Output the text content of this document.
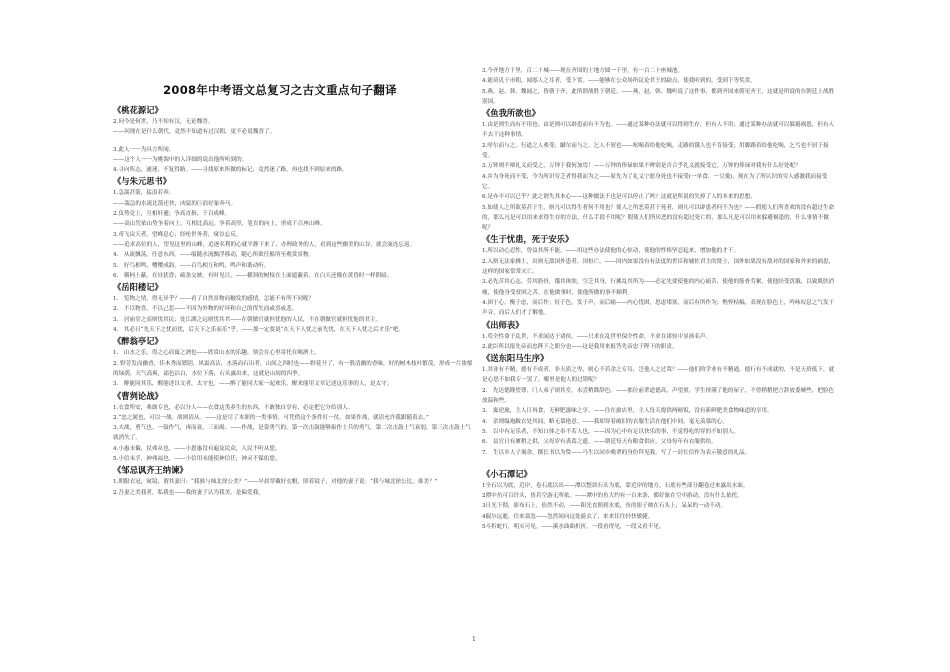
2008年中考语文总复习之古文重点句子翻译
《桃花源记》
2.问今是何世，乃不知有汉，无论魏晋。
——问现在是什么朝代，竟然不知道有过汉朝，更不必说魏晋了。
3.此人一一为具言所闻。
——这个人一一为桃源中的人详细的说出他所听到的。
4.寻向所志，遂迷，不复得路。——寻找原来所做的标记，竟然迷了路，再也找不到原来的路。
《与朱元思书》
1.急湍甚箭，猛浪若奔。
——湍急的水流比箭还快，凶猛的巨浪好象奔马。
2.负势竞上，互相轩邈；争高直指，千百成峰。
——高山凭依山势争着向上，互相比高远。争着高竖，笔直的向上，形成千百座山峰。
3.鸢飞戾天者，望峰息心；经纶世务者，窥谷忘反。
——追求高位的人，望见这里的山峰，追逐名利的心就平静下来了，办理政务的人，看到这些幽美的山谷，就会流连忘返。
4.　从流飘荡，任意东西。——船随水流飘浮移动，随心所欲任船所至观赏景物。
5.　好鸟相鸣，嘤嘤成韵。——百鸟相互和鸣，鸣声和谐动听。
6.　横柯上蔽，在昼犹昏；疏条交映，有时见日。——横斜的树枝在上面遮蔽着，在白天还像在黄昏时一样阴暗。
《岳阳楼记》
1.　览物之情，得无异乎？——看了自然景物而触发的感情，怎能不有所不同呢？
2.　不以物喜，不以己悲——不因为外物的好坏和自己的得失而或喜或悲。
3.　居庙堂之高则忧其民；处江湖之远则忧其君——在朝做官就担忧他的人民，不在朝做官就担忧他的君主。
4.　其必曰“先天下之忧而忧，后天下之乐而乐”乎。——那一定要说“在天下人忧之前先忧，在天下人忧之后才乐”吧。
《醉翁亭记》
1.　山水之乐，得之心而寓之酒也——欣赏山水的乐趣，领会在心里寄托在喝酒上。
2. 野芳发而幽香，佳木秀而繁阴，风霜高洁，水落而石出者，山间之四时也——野花开了，有一股清幽的香味，好的树木枝叶繁茂，形成一片浓郁的绿荫，天气高爽，霜色洁白，水位下落，石头露出来，这就是山间的四季。
3.　醉能同其乐，醒能述以文者，太守也。——醉了能同大家一起欢乐，醒来能用文章记述这乐事的人，是太守。
《曹刿论战》
1.衣食所安，弗敢专也，必以分人——衣食这类养生的东西，不敢独自享有，必定把它分给别人。
2.“忠之属也，可以一战。战则请从。——这是尽了本职的一类事情，可凭借这个条件打一仗。如果作战，就请允许我跟随着去。”
3.夫战，勇气也。一鼓作气，再而衰，三而竭。——作战，是靠勇气的。第一次击鼓能够振作士兵的勇气，第二次击鼓士气衰弱，第三次击鼓士气就消失了。
4.小惠未徧，民弗从也。——小恩惠没有遍及民众，人民不听从您。
5.小信未孚，神弗福也。——小信用未能使神信任，神灵不保佑您。
《邹忌讽齐王纳谏》
1.朝服衣冠，窥镜，谓其妻曰：“我孰与城北徐公美？”——早晨穿戴好衣帽，照着镜子，对他的妻子说：“我与城北徐公比，谁美？”
2.吾妻之美我者，私我也——我的妻子认为我美，是偏爱我。
3.今齐地方千里，百二十城——现在齐国的土地方圆一千里，有一百二十座城池。
4.能谤讥于市朝，闻寡人之耳者，受下赏。——能够在公众场所议论君王的缺点，使我听到的，受到下等奖赏。
5.燕、赵、韩、魏闻之，皆朝于齐，此所谓战胜于朝廷。——燕、赵、韩、魏听说了这件事，都到齐国来朝见齐王，这就是所说的在朝廷上战胜别国。
《鱼我所欲也》
1.由是则生而有不用也；由是则可以辟患而有不为也。——通过某种办法就可以得到生存，但有人不用；通过某种办法就可以躲避祸患，但有人不去干这种事情。
2.呼尔而与之，行道之人弗受；蹴尔而与之，乞人不屑也——吆喝着给他吃喝，走路的饿人也不肯接受；用脚踢着给他吃喝，乞丐也不屑于接受。
3.万钟则不辩礼义而受之，万钟于我何加焉！——万钟的俸禄如果不辨别是否合乎礼义就接受它，万钟的俸禄对我有什么好处呢？
4.乡为身死而不受，今为所识穷乏者得我而为之——原先为了礼义宁愿身死也不接受(一单食、一豆羹)，现在为了所认识的穷人感激我而接受它。
6.是亦不可以已乎？此之谓失其本心——这种做法不也是可以停止了吗？这就是所说的失掉了人的本来的思想。
5.如使人之所欲莫甚于生，则凡可以得生者何不用也？使人之所恶莫甚于死者，则凡可以辟患者何不为也？——假使人们所喜欢的没有超过生命的，那么凡是可以用来求得生存的方法，什么手段不用呢？假使人们所厌恶的没有超过死亡的，那么凡是可以用来躲避祸患的，什么事情不做呢？
《生于忧患，死于安乐》
1.所以动心忍性，曾益其所不能。——用这些办法使他的心惊动，使他的性格坚忍起来，增加他的才干。
2.入则无法家拂士，出则无敌国外患者，国恒亡。——国内如果没有有法度的世臣和辅佐君主的贤士，国外如果没有敌对的国家和外来的祸患，这样的国家常常灭亡。
3.必先苦其心志，劳其筋骨，饿其体肤，空乏其身，行拂乱其所为——必定先要使他的内心痛苦，使他的筋骨劳累，使他经受饥饿，以致肌肤消瘦，使他身受贫困之苦，在他做事时，使他所做的事不顺利。
4.困于心，衡于虑，而后作；征于色，发于声，而后喻——内心忧困，思虑堵塞，而后有所作为；憔悴枯槁，表现在脸色上，吟咏叹息之气发于声音，而后人们才了解他。
《出师表》
1.苟全性命于乱世，不求闻达于诸侯。——只求在乱世里保全性命，不求在诸侯中显扬名声。
2.此臣所以报先帝而忠陛下之职分也——这是我用来报答先帝忠于陛下的职责。
《送东阳马生序》
1.其业有不精，德有不成者，非天质之卑，则心不若余之专耳，岂他人之过哉？——他们的学业有不精通，德行有不成就的，不是天资低下，就是心思不如我专一罢了，哪里是他人的过错呢？
2.　先达德隆望尊，门人弟子填其室，未尝稍降辞色。——那位前辈道德高，声望重，学生挤满了他的屋子，不曾稍稍把言辞放委婉些，把脸色放温和些。
3.　寓逆旅，主人日再食，无鲜肥滋味之享。——住在旅店里，主人每天提供两顿饭，没有新鲜肥美食物味道的享用。
4.　余则缊袍敝衣处其间，略无慕艳意。——我却穿着破旧的衣服生活在他们中间，毫无羡慕的心。
5.　以中有足乐者，不知口体之奉不若人也。——因为心中有足以快乐的事，不觉得吃的穿的不如别人。
6.　县官日有廪稍之供，父母岁有裘葛之遗。——朝廷每天有粮食供应，父母每年有衣服供给。
7.　生以乡人子谒余，撰长书以为贽——马生以同乡晚辈的身份拜见我，写了一封长信作为表示敬意的礼品。
《小石潭记》
1全石以为底，近岸，卷石底以出——潭以整块石头为底，靠近岸的地方，石底有些部分翻卷过来露出水面。
2潭中鱼可百许头，皆若空游无所依。——潭中的鱼大约有一百来条，都好象在空中游动，没有什么依托。
3日光下彻，影布石上，佁然不动，——阳光直照到水底，鱼的影子映在石头上，呆呆的一动不动。
4俶尔远逝，往来翕忽——忽然间向远处游去了，来来往往轻快敏捷。
5斗折蛇行，明灭可见。——溪水曲曲折折，一段看得见，一段又看不见。
1
